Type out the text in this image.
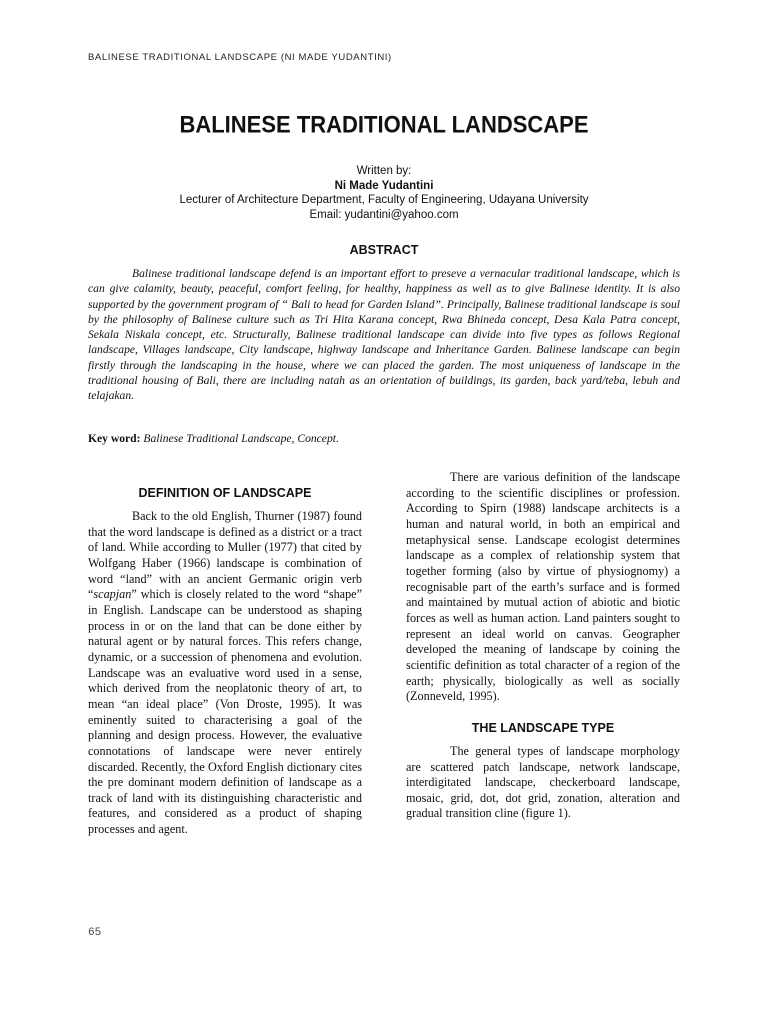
BALINESE TRADITIONAL LANDSCAPE (NI MADE YUDANTINI)
BALINESE TRADITIONAL LANDSCAPE
Written by:
Ni Made Yudantini
Lecturer of Architecture Department, Faculty of Engineering, Udayana University
Email: yudantini@yahoo.com
ABSTRACT

Balinese traditional landscape defend is an important effort to preseve a vernacular traditional landscape, which is can give calamity, beauty, peaceful, comfort feeling, for healthy, happiness as well as to give Balinese identity. It is also supported by the government program of “ Bali to head for Garden Island”. Principally, Balinese traditional landscape is soul by the philosophy of Balinese culture such as Tri Hita Karana concept, Rwa Bhineda concept, Desa Kala Patra concept, Sekala Niskala concept, etc. Structurally, Balinese traditional landscape can divide into five types as follows Regional landscape, Villages landscape, City landscape, highway landscape and Inheritance Garden. Balinese landscape can begin firstly through the landscaping in the house, where we can placed the garden. The most uniqueness of landscape in the traditional housing of Bali, there are including natah as an orientation of buildings, its garden, back yard/teba, lebuh and telajakan.

Key word: Balinese Traditional Landscape, Concept.

DEFINITION OF LANDSCAPE

Back to the old English, Thurner (1987) found that the word landscape is defined as a district or a tract of land. While according to Muller (1977) that cited by Wolfgang Haber (1966) landscape is combination of word “land” with an ancient Germanic origin verb “scapjan” which is closely related to the word “shape” in English. Landscape can be understood as shaping process in or on the land that can be done either by natural agent or by natural forces. This refers change, dynamic, or a succession of phenomena and evolution. Landscape was an evaluative word used in a sense, which derived from the neoplatonic theory of art, to mean “an ideal place” (Von Droste, 1995). It was eminently suited to characterising a goal of the planning and design process. However, the evaluative connotations of landscape were never entirely discarded. Recently, the Oxford English dictionary cites the pre dominant modern definition of landscape as a track of land with its distinguishing characteristic and features, and considered as a product of shaping processes and agent.

There are various definition of the landscape according to the scientific disciplines or profession. According to Spirn (1988) landscape architects is a human and natural world, in both an empirical and metaphysical sense. Landscape ecologist determines landscape as a complex of relationship system that together forming (also by virtue of physiognomy) a recognisable part of the earth’s surface and is formed and maintained by mutual action of abiotic and biotic forces as well as human action. Land painters sought to represent an ideal world on canvas. Geographer developed the meaning of landscape by coining the scientific definition as total character of a region of the earth; physically, biologically as well as socially (Zonneveld, 1995).

THE LANDSCAPE TYPE

The general types of landscape morphology are scattered patch landscape, network landscape, interdigitated landscape, checkerboard landscape, mosaic, grid, dot, dot grid, zonation, alteration and gradual transition cline (figure 1).

65
